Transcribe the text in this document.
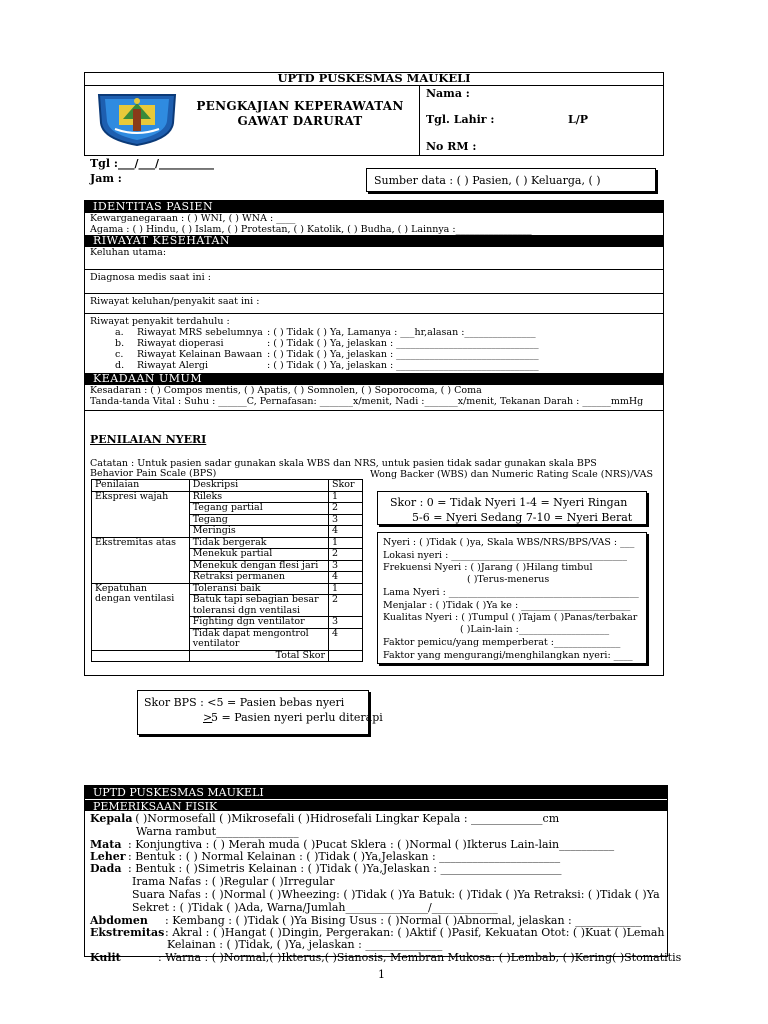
UPTD PUSKESMAS MAUKELI
PENGKAJIAN KEPERAWATAN
GAWAT DARURAT
Nama :
Tgl. Lahir :	L/P
No RM :
Tgl :___/___/__________
Jam :	Sumber data : ( ) Pasien, ( ) Keluarga, ( )
IDENTITAS PASIEN
Kewarganegaraan : ( ) WNI, ( ) WNA : ____
Agama : ( ) Hindu, ( ) Islam, ( ) Protestan, ( ) Katolik, ( ) Budha, ( ) Lainnya :________________
RIWAYAT KESEHATAN
Keluhan utama:
Diagnosa medis saat ini :
Riwayat keluhan/penyakit saat ini :
Riwayat penyakit terdahulu :
a. Riwayat MRS sebelumnya : ( ) Tidak ( ) Ya, Lamanya : ___hr,alasan :_______________
b. Riwayat dioperasi	: ( ) Tidak ( ) Ya, jelaskan : ______________________________
c. Riwayat Kelainan Bawaan : ( ) Tidak ( ) Ya, jelaskan : ______________________________
d. Riwayat Alergi	: ( ) Tidak ( ) Ya, jelaskan : ______________________________
KEADAAN UMUM
Kesadaran : ( ) Compos mentis, ( ) Apatis, ( ) Somnolen, ( ) Soporocoma, ( ) Coma
Tanda-tanda Vital : Suhu : ______C, Pernafasan: _______x/menit, Nadi :_______x/menit, Tekanan Darah : ______mmHg
PENILAIAN NYERI
Catatan : Untuk pasien sadar gunakan skala WBS dan NRS, untuk pasien tidak sadar gunakan skala BPS
Behavior Pain Scale (BPS)	Wong Backer (WBS) dan Numeric Rating Scale (NRS)/VAS
Penilaian	Deskripsi	Skor
Ekspresi wajah	Rileks	1
	Tegang partial	2
	Tegang	3
	Meringis	4
Ekstremitas atas	Tidak bergerak	1
	Menekuk partial	2
	Menekuk dengan flesi jari	3
	Retraksi permanen	4
Kepatuhan dengan ventilasi	Toleransi baik	1
	Batuk tapi sebagian besar toleransi dgn ventilasi	2
	Fighting dgn ventilator	3
	Tidak dapat mengontrol ventilator	4
	Total Skor	
Skor : 0 = Tidak Nyeri 1-4 = Nyeri Ringan
5-6 = Nyeri Sedang 7-10 = Nyeri Berat
Nyeri : ( )Tidak ( )ya, Skala WBS/NRS/BPS/VAS : ___
Lokasi nyeri : _____________________________________
Frekuensi Nyeri : ( )Jarang ( )Hilang timbul
( )Terus-menerus
Lama Nyeri : ________________________________________
Menjalar : ( )Tidak ( )Ya ke : _______________________
Kualitas Nyeri : ( )Tumpul ( )Tajam ( )Panas/terbakar
( )Lain-lain :___________________
Faktor pemicu/yang memperberat :______________
Faktor yang mengurangi/menghilangkan nyeri: ____
Skor BPS : <5 = Pasien bebas nyeri
>
5 = Pasien nyeri perlu diterapi
UPTD PUSKESMAS MAUKELI
PEMERIKSAAN FISIK
Kepala
: ( )Normosefall ( )Mikrosefali ( )Hidrosefali Lingkar Kepala : _____________cm
Warna rambut_______________
Mata : Konjungtiva : ( ) Merah muda ( )Pucat Sklera : ( )Normal ( )Ikterus Lain-lain__________
Leher : Bentuk : ( ) Normal Kelainan : ( )Tidak ( )Ya,Jelaskan : ______________________
Dada : Bentuk : ( )Simetris Kelainan : ( )Tidak ( )Ya,Jelaskan : ______________________
Irama Nafas : ( )Regular ( )Irregular
Suara Nafas : ( )Normal ( )Wheezing: ( )Tidak ( )Ya Batuk: ( )Tidak ( )Ya Retraksi: ( )Tidak ( )Ya
Sekret : ( )Tidak ( )Ada, Warna/Jumlah_______________/____________
Abdomen : Kembang : ( )Tidak ( )Ya Bising Usus : ( )Normal ( )Abnormal, jelaskan : ____________
Ekstremitas : Akral : ( )Hangat ( )Dingin, Pergerakan: ( )Aktif ( )Pasif, Kekuatan Otot: ( )Kuat ( )Lemah
Kelainan : ( )Tidak, ( )Ya, jelaskan : ______________
Kulit	: Warna : ( )Normal,( )Ikterus,( )Sianosis, Membran Mukosa: ( )Lembab, ( )Kering( )Stomatitis
1
